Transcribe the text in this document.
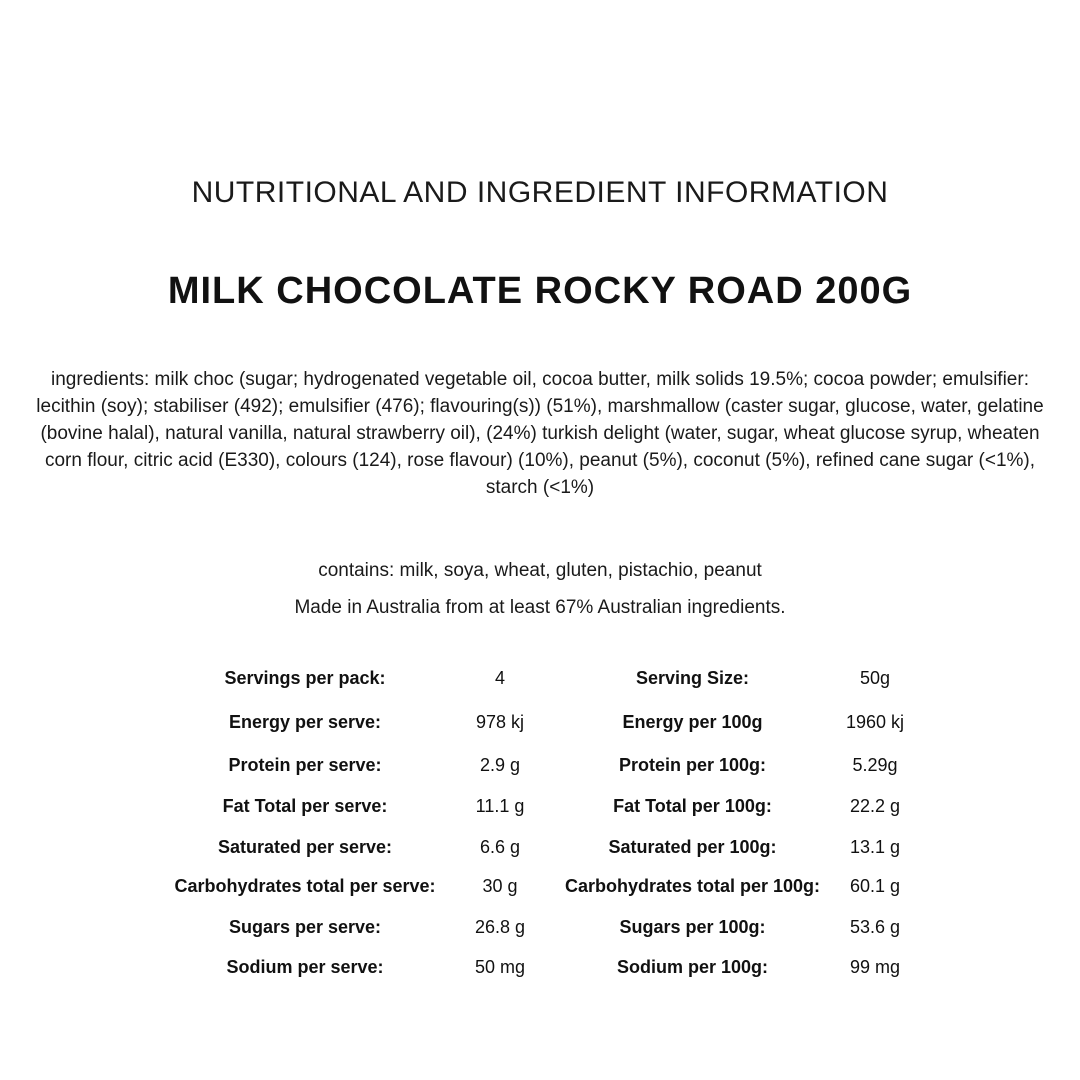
NUTRITIONAL AND INGREDIENT INFORMATION
MILK CHOCOLATE ROCKY ROAD 200G
ingredients: milk choc (sugar; hydrogenated vegetable oil, cocoa butter, milk solids 19.5%; cocoa powder; emulsifier: lecithin (soy); stabiliser (492); emulsifier (476); flavouring(s)) (51%), marshmallow (caster sugar, glucose, water, gelatine (bovine halal), natural vanilla, natural strawberry oil), (24%) turkish delight (water, sugar, wheat glucose syrup, wheaten corn flour, citric acid (E330), colours (124), rose flavour) (10%), peanut (5%), coconut (5%), refined cane sugar (<1%), starch (<1%)
contains: milk, soya, wheat, gluten, pistachio, peanut
Made in Australia from at least 67% Australian ingredients.
Servings per pack:	4	Serving Size:	50g
Energy per serve:	978 kj	Energy per 100g	1960 kj
Protein per serve:	2.9 g	Protein per 100g:	5.29g
Fat Total per serve:	11.1 g	Fat Total per 100g:	22.2 g
Saturated per serve:	6.6 g	Saturated per 100g:	13.1 g
Carbohydrates total per serve:	30 g	Carbohydrates total per 100g:	60.1 g
Sugars per serve:	26.8 g	Sugars per 100g:	53.6 g
Sodium per serve:	50 mg	Sodium per 100g:	99 mg
